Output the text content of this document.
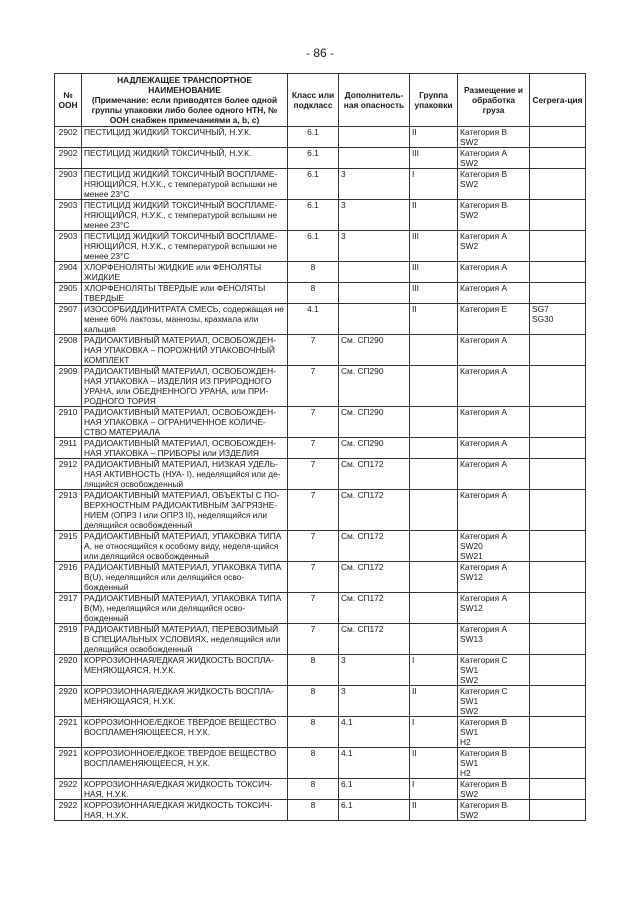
- 86 -
№
ООН	НАДЛЕЖАЩЕЕ ТРАНСПОРТНОЕ НАИМЕНОВАНИЕ
(Примечание: если приводятся более одной группы упаковки либо более одного НТН, № ООН снабжен примечаниями a, b, c)	Класс или подкласс	Дополнитель-ная опасность	Группа упаковки	Размещение и обработка груза	Сегрега-ция
2902	ПЕСТИЦИД ЖИДКИЙ ТОКСИЧНЫЙ, Н.У.К.	6.1		II	Категория В
SW2	
2902	ПЕСТИЦИД ЖИДКИЙ ТОКСИЧНЫЙ, Н.У.К.	6.1		III	Категория А
SW2	
2903	ПЕСТИЦИД ЖИДКИЙ ТОКСИЧНЫЙ ВОСПЛАМЕ-НЯЮЩИЙСЯ, Н.У.К., с температурой вспышки не менее 23°С	6.1	3	I	Категория В
SW2	
2903	ПЕСТИЦИД ЖИДКИЙ ТОКСИЧНЫЙ ВОСПЛАМЕ-НЯЮЩИЙСЯ, Н.У.К., с температурой вспышки не менее 23°С	6.1	3	II	Категория В
SW2	
2903	ПЕСТИЦИД ЖИДКИЙ ТОКСИЧНЫЙ ВОСПЛАМЕ-НЯЮЩИЙСЯ, Н.У.К., с температурой вспышки не менее 23°С	6.1	3	III	Категория А
SW2	
2904	ХЛОРФЕНОЛЯТЫ ЖИДКИЕ или ФЕНОЛЯТЫ ЖИДКИЕ	8		III	Категория А	
2905	ХЛОРФЕНОЛЯТЫ ТВЕРДЫЕ или ФЕНОЛЯТЫ ТВЕРДЫЕ	8		III	Категория А	
2907	ИЗОСОРБИДДИНИТРАТА СМЕСЬ, содержащая не менее 60% лактозы, маннозы, крахмала или кальция	4.1		II	Категория Е	SG7
SG30
2908	РАДИОАКТИВНЫЙ МАТЕРИАЛ, ОСВОБОЖДЕН-НАЯ УПАКОВКА – ПОРОЖНИЙ УПАКОВОЧНЫЙ КОМПЛЕКТ	7	См. СП290		Категория А	
2909	РАДИОАКТИВНЫЙ МАТЕРИАЛ, ОСВОБОЖДЕН-НАЯ УПАКОВКА – ИЗДЕЛИЯ ИЗ ПРИРОДНОГО УРАНА, или ОБЕДНЕННОГО УРАНА, или ПРИ-РОДНОГО ТОРИЯ	7	См. СП290		Категория А	
2910	РАДИОАКТИВНЫЙ МАТЕРИАЛ, ОСВОБОЖДЕН-НАЯ УПАКОВКА – ОГРАНИЧЕННОЕ КОЛИЧЕ-СТВО МАТЕРИАЛА	7	См. СП290		Категория А	
2911	РАДИОАКТИВНЫЙ МАТЕРИАЛ, ОСВОБОЖДЕН-НАЯ УПАКОВКА – ПРИБОРЫ или ИЗДЕЛИЯ	7	См. СП290		Категория А	
2912	РАДИОАКТИВНЫЙ МАТЕРИАЛ, НИЗКАЯ УДЕЛЬ-НАЯ АКТИВНОСТЬ (НУА- I), неделящийся или де-лящийся освобожденный	7	См. СП172		Категория А	
2913	РАДИОАКТИВНЫЙ МАТЕРИАЛ, ОБЪЕКТЫ С ПО-ВЕРХНОСТНЫМ РАДИОАКТИВНЫМ ЗАГРЯЗНЕ-НИЕМ (ОПРЗ I или ОПРЗ II), неделящийся или делящийся освобожденный	7	См. СП172		Категория А	
2915	РАДИОАКТИВНЫЙ МАТЕРИАЛ, УПАКОВКА ТИПА А, не относящийся к особому виду, неделя-щийся или делящийся освобожденный	7	См. СП172		Категория А
SW20
SW21	
2916	РАДИОАКТИВНЫЙ МАТЕРИАЛ, УПАКОВКА ТИПА В(U), неделящийся или делящийся осво-божденный	7	См. СП172		Категория А
SW12	
2917	РАДИОАКТИВНЫЙ МАТЕРИАЛ, УПАКОВКА ТИПА В(М), неделящийся или делящийся осво-божденный	7	См. СП172		Категория А
SW12	
2919	РАДИОАКТИВНЫЙ МАТЕРИАЛ, ПЕРЕВОЗИМЫЙ В СПЕЦИАЛЬНЫХ УСЛОВИЯХ, неделящийся или делящийся освобожденный	7	См. СП172		Категория А
SW13	
2920	КОРРОЗИОННАЯ/ЕДКАЯ ЖИДКОСТЬ ВОСПЛА-МЕНЯЮЩАЯСЯ, Н.У.К.	8	3	I	Категория С
SW1
SW2	
2920	КОРРОЗИОННАЯ/ЕДКАЯ ЖИДКОСТЬ ВОСПЛА-МЕНЯЮЩАЯСЯ, Н.У.К.	8	3	II	Категория С
SW1
SW2	
2921	КОРРОЗИОННОЕ/ЕДКОЕ ТВЕРДОЕ ВЕЩЕСТВО ВОСПЛАМЕНЯЮЩЕЕСЯ, Н.У.К.	8	4.1	I	Категория В
SW1
H2	
2921	КОРРОЗИОННОЕ/ЕДКОЕ ТВЕРДОЕ ВЕЩЕСТВО ВОСПЛАМЕНЯЮЩЕЕСЯ, Н.У.К.	8	4.1	II	Категория В
SW1
H2	
2922	КОРРОЗИОННАЯ/ЕДКАЯ ЖИДКОСТЬ ТОКСИЧ-НАЯ, Н.У.К.	8	6.1	I	Категория В
SW2	
2922	КОРРОЗИОННАЯ/ЕДКАЯ ЖИДКОСТЬ ТОКСИЧ-НАЯ, Н.У.К.	8	6.1	II	Категория В
SW2	
